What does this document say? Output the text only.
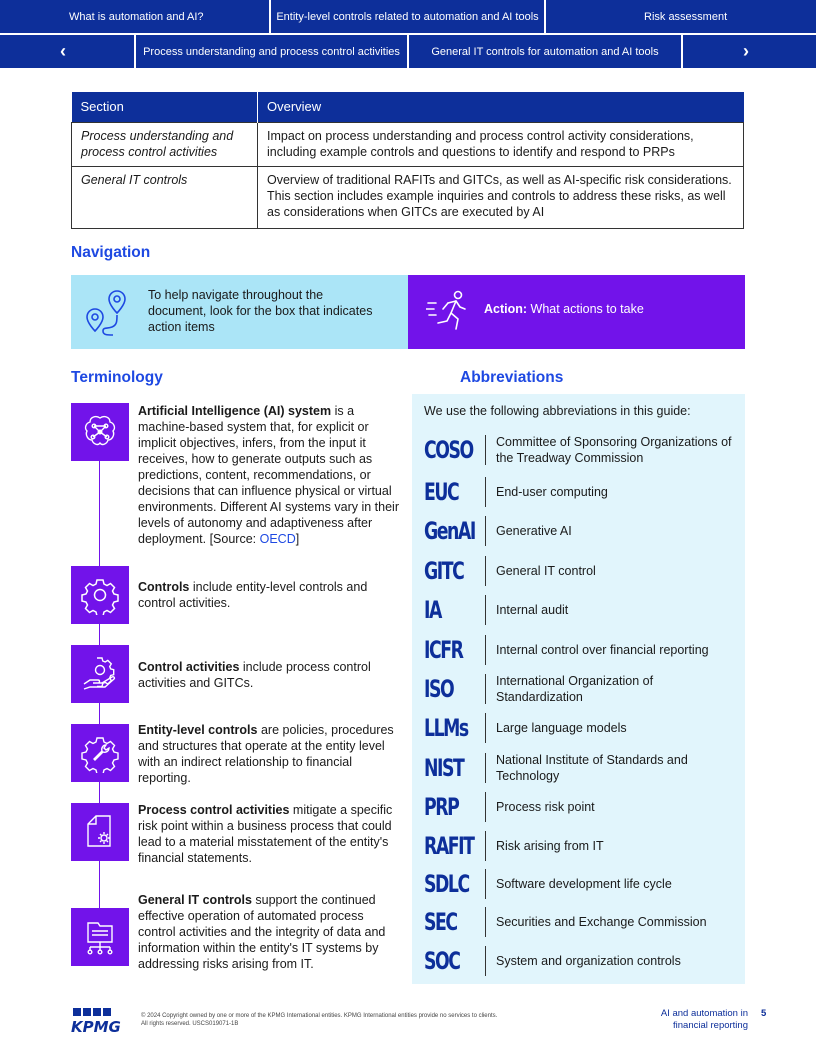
What is automation and AI?	Entity-level controls related to automation and AI tools	Risk assessment
‹	Process understanding and process control activities	General IT controls for automation and AI tools	›
Section	Overview
Process understanding and process control activities	Impact on process understanding and process control activity considerations, including example controls and questions to identify and respond to PRPs
General IT controls	Overview of traditional RAFITs and GITCs, as well as AI-specific risk considerations. This section includes example inquiries and controls to address these risks, as well as considerations when GITCs are executed by AI
Navigation
To help navigate throughout the document, look for the box that indicates action items
Action: What actions to take
Terminology
Artificial Intelligence (AI) system is a machine-based system that, for explicit or implicit objectives, infers, from the input it receives, how to generate outputs such as predictions, content, recommendations, or decisions that can influence physical or virtual environments. Different AI systems vary in their levels of autonomy and adaptiveness after deployment. [Source: OECD]
Controls include entity-level controls and control activities.
Control activities include process control activities and GITCs.
Entity-level controls are policies, procedures and structures that operate at the entity level with an indirect relationship to financial reporting.
Process control activities mitigate a specific risk point within a business process that could lead to a material misstatement of the entity's financial statements.
General IT controls support the continued effective operation of automated process control activities and the integrity of data and information within the entity's IT systems by addressing risks arising from IT.
Abbreviations
We use the following abbreviations in this guide:
COSO Committee of Sponsoring Organizations of the Treadway Commission
EUC	End-user computing
GenAI Generative AI
GITC	General IT control
IA	Internal audit
ICFR	Internal control over financial reporting
ISO	International Organization of Standardization
LLMs Large language models
NIST	National Institute of Standards and Technology
PRP	Process risk point
RAFIT Risk arising from IT
SDLC Software development life cycle
SEC	Securities and Exchange Commission
SOC	System and organization controls
KPMG
© 2024 Copyright owned by one or more of the KPMG International entities. KPMG International entities provide no services to clients.
All rights reserved. USCS019071-1B
AI and automation in
financial reporting
5
